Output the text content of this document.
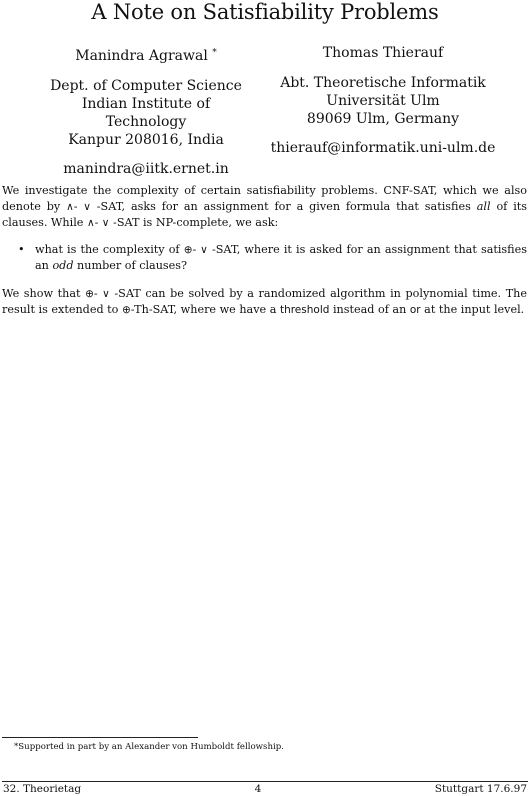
A Note on Satisfiability Problems
Manindra Agrawal *
Dept. of Computer Science
Indian Institute of Technology
Kanpur 208016, India
manindra@iitk.ernet.in
Thomas Thierauf
Abt. Theoretische Informatik
Universität Ulm
89069 Ulm, Germany
thierauf@informatik.uni-ulm.de

We investigate the complexity of certain satisfiability problems. CNF-SAT, which we also denote by ∧- ∨ -SAT, asks for an assignment for a given formula that satisfies all of its clauses. While ∧- ∨ -SAT is NP-complete, we ask:

• what is the complexity of ⊕- ∨ -SAT, where it is asked for an assignment that satisfies an odd number of clauses?

We show that ⊕- ∨ -SAT can be solved by a randomized algorithm in polynomial time. The result is extended to ⊕-Th-SAT, where we have a threshold instead of an or at the input level.

*Supported in part by an Alexander von Humboldt fellowship.
32. Theorietag	4	Stuttgart 17.6.97
